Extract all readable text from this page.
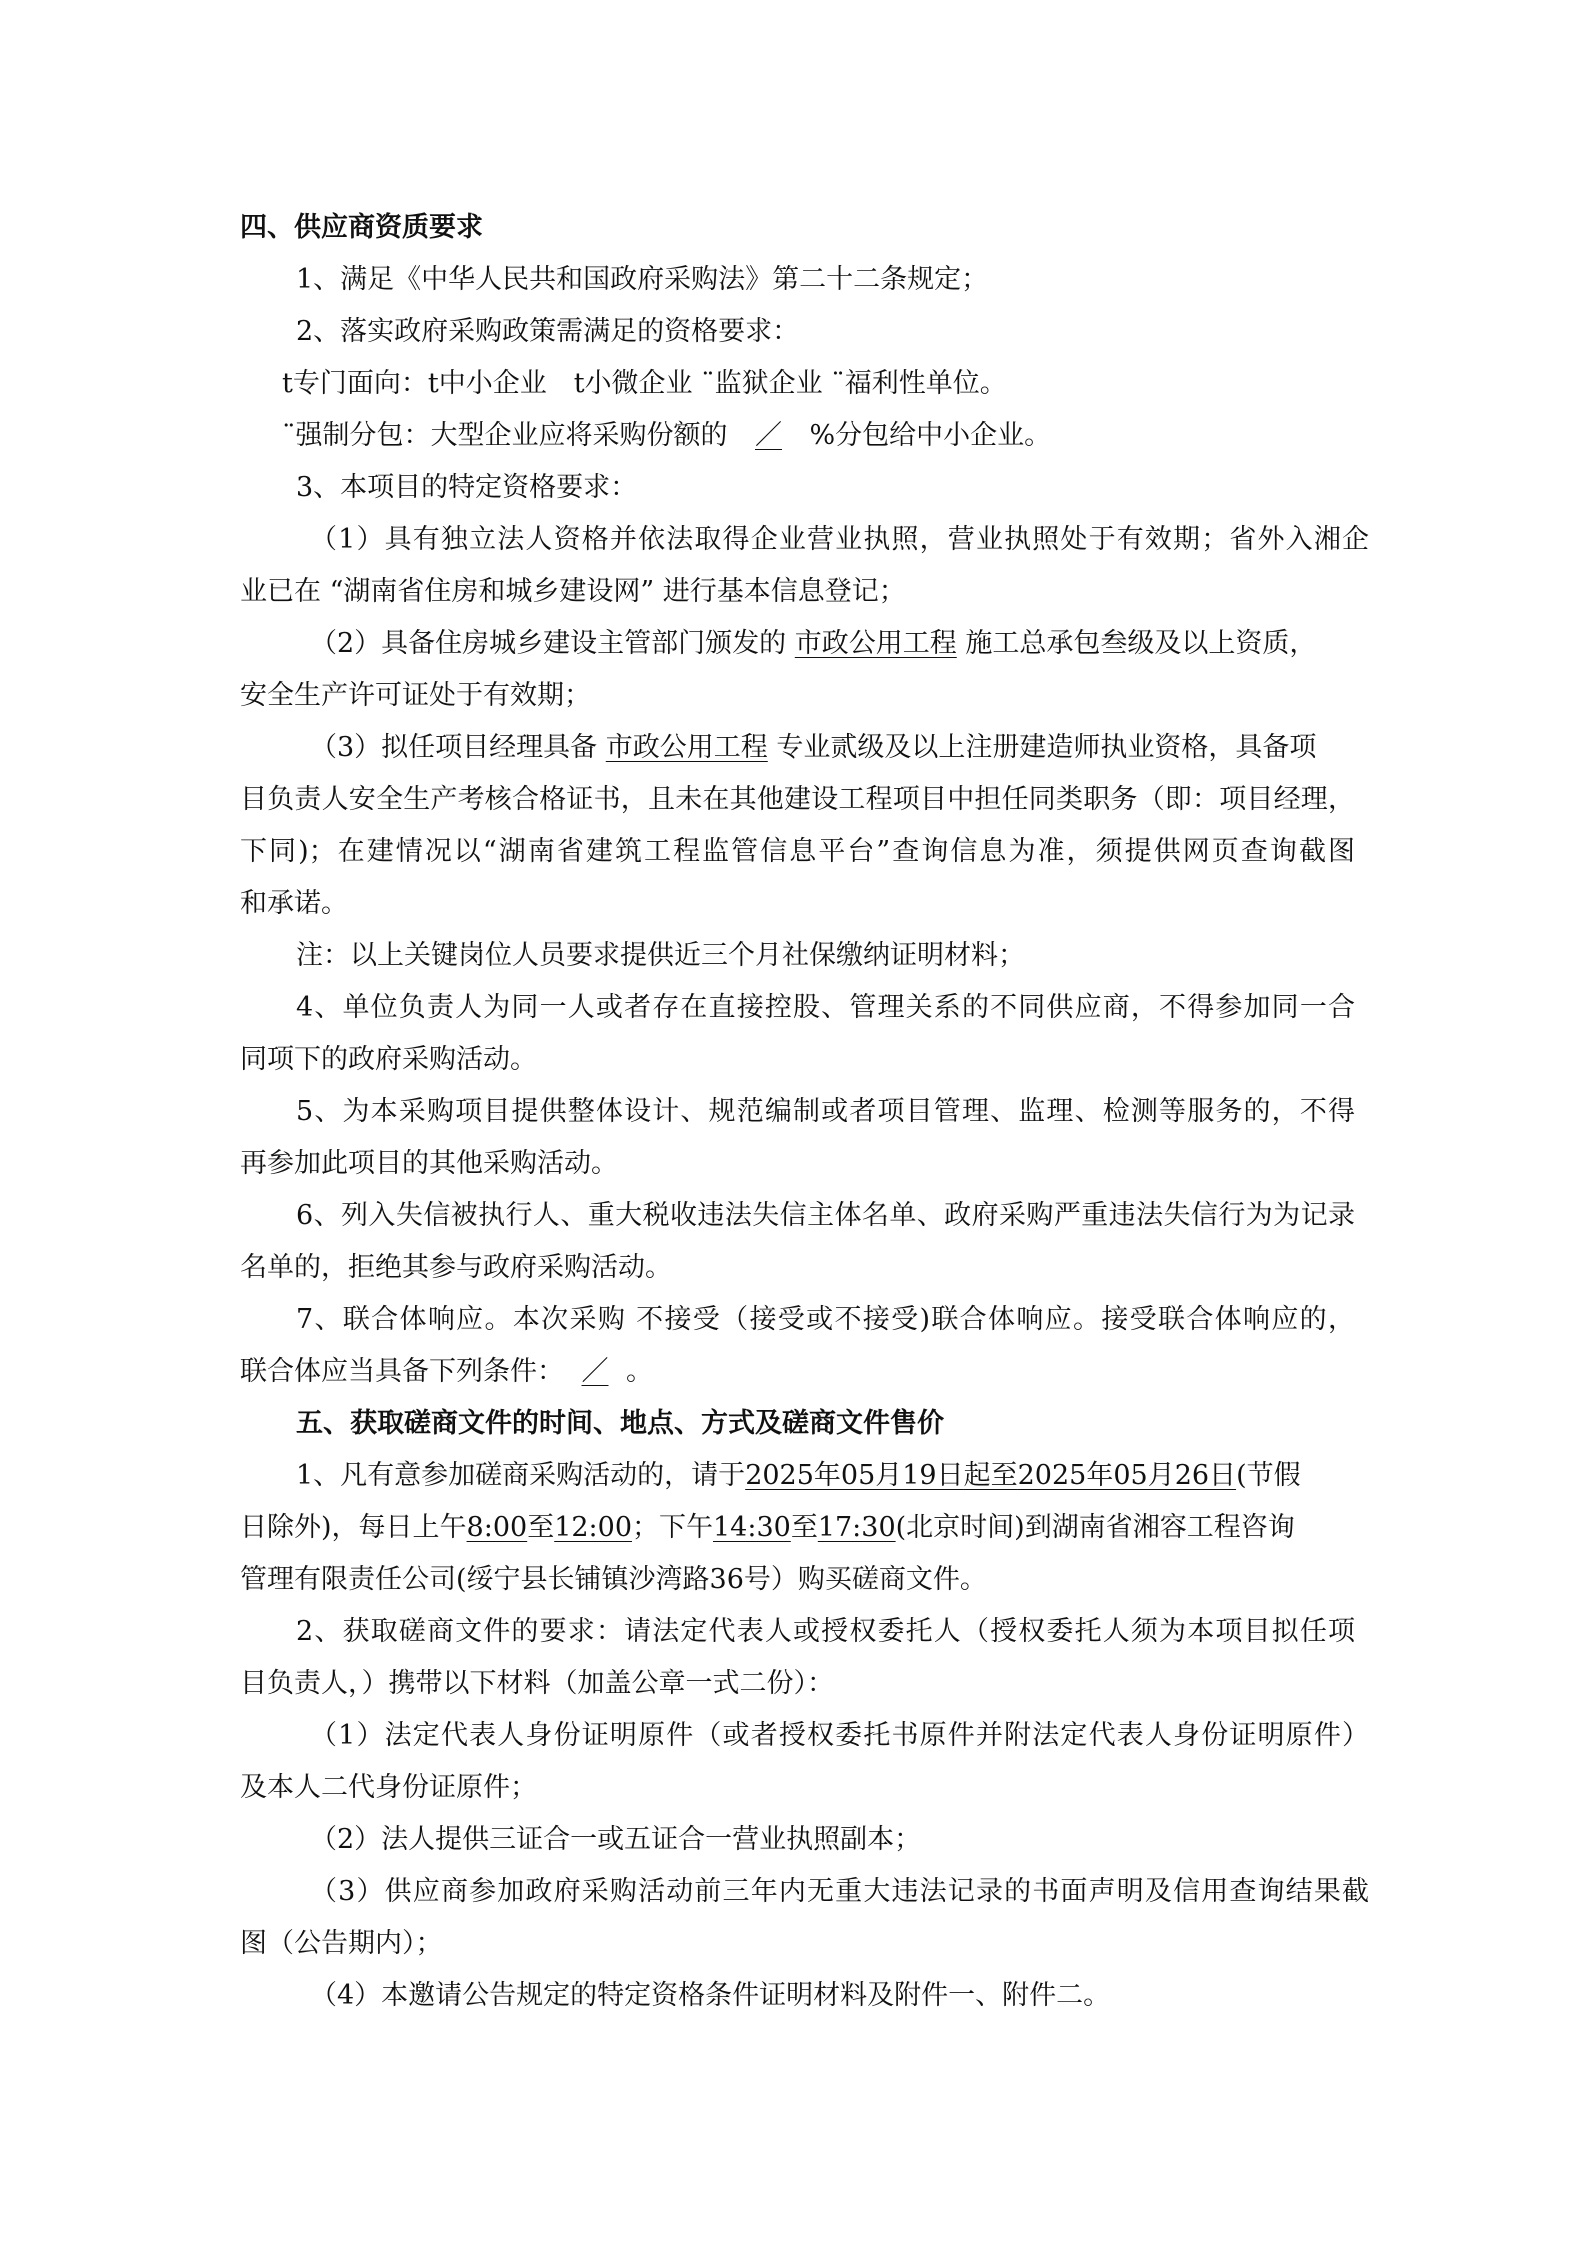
四、供应商资质要求
1、满足《中华人民共和国政府采购法》第二十二条规定；
2、落实政府采购政策需满足的资格要求：
t专门面向：t中小企业　t小微企业 ¨监狱企业 ¨福利性单位。
¨强制分包：大型企业应将采购份额的 ／ %分包给中小企业。
3、本项目的特定资格要求：
（1）具有独立法人资格并依法取得企业营业执照，营业执照处于有效期；省外入湘企
业已在 “湖南省住房和城乡建设网” 进行基本信息登记；
（2）具备住房城乡建设主管部门颁发的 市政公用工程 施工总承包叁级及以上资质，
安全生产许可证处于有效期；
（3）拟任项目经理具备 市政公用工程 专业贰级及以上注册建造师执业资格，具备项
目负责人安全生产考核合格证书，且未在其他建设工程项目中担任同类职务（即：项目经理，
下同)；在建情况以“湖南省建筑工程监管信息平台”查询信息为准，须提供网页查询截图
和承诺。
注：以上关键岗位人员要求提供近三个月社保缴纳证明材料；
4、单位负责人为同一人或者存在直接控股、管理关系的不同供应商，不得参加同一合
同项下的政府采购活动。
5、为本采购项目提供整体设计、规范编制或者项目管理、监理、检测等服务的，不得
再参加此项目的其他采购活动。
6、列入失信被执行人、重大税收违法失信主体名单、政府采购严重违法失信行为为记录
名单的，拒绝其参与政府采购活动。
7、联合体响应。本次采购 不接受（接受或不接受)联合体响应。接受联合体响应的，
联合体应当具备下列条件： ／ 。
五、获取磋商文件的时间、地点、方式及磋商文件售价
1、凡有意参加磋商采购活动的，请于2025年05月19日起至2025年05月26日(节假
日除外)，每日上午8:00至12:00；下午14:30至17:30(北京时间)到湖南省湘容工程咨询
管理有限责任公司(绥宁县长铺镇沙湾路36号）购买磋商文件。
2、获取磋商文件的要求：请法定代表人或授权委托人（授权委托人须为本项目拟任项
目负责人，）携带以下材料（加盖公章一式二份）：
（1）法定代表人身份证明原件（或者授权委托书原件并附法定代表人身份证明原件）
及本人二代身份证原件；
（2）法人提供三证合一或五证合一营业执照副本；
（3）供应商参加政府采购活动前三年内无重大违法记录的书面声明及信用查询结果截
图（公告期内）；
（4）本邀请公告规定的特定资格条件证明材料及附件一、附件二。
